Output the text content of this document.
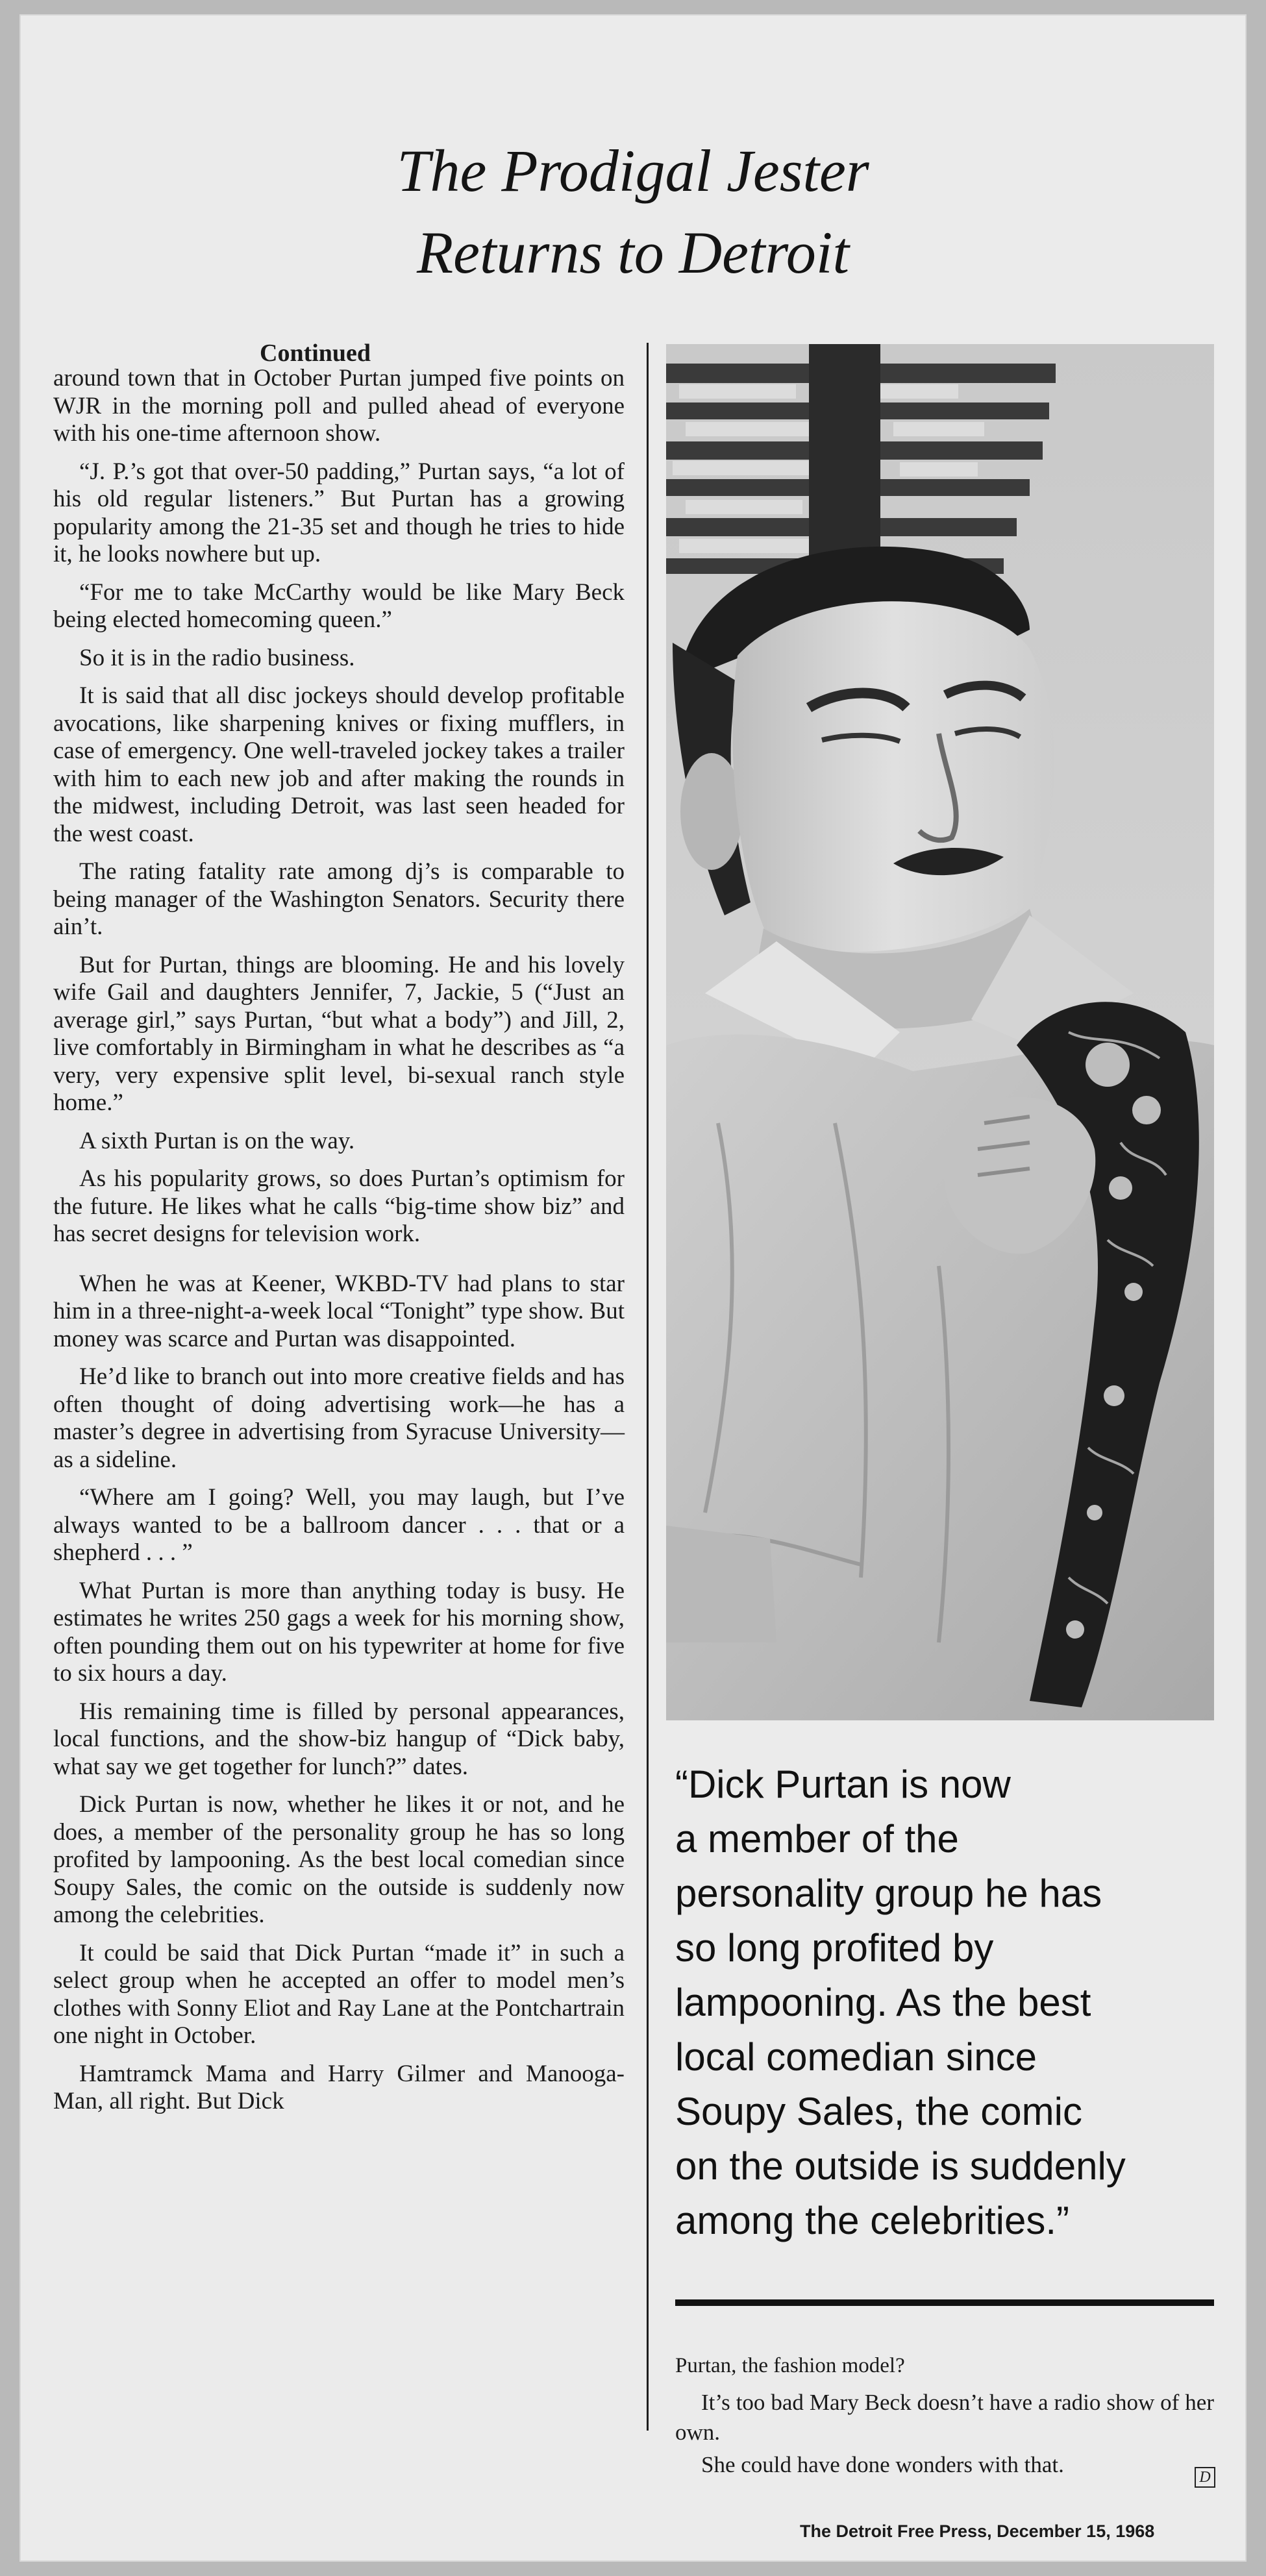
The Prodigal Jester
Returns to Detroit
Continued

around town that in October Purtan jumped five points on WJR in the morning poll and pulled ahead of everyone with his one-time afternoon show.

“J. P.’s got that over-50 padding,” Purtan says, “a lot of his old regular listeners.” But Purtan has a growing popularity among the 21-35 set and though he tries to hide it, he looks nowhere but up.

“For me to take McCarthy would be like Mary Beck being elected homecoming queen.”

So it is in the radio business.

It is said that all disc jockeys should develop profitable avocations, like sharpening knives or fixing mufflers, in case of emergency. One well-traveled jockey takes a trailer with him to each new job and after making the rounds in the midwest, including Detroit, was last seen headed for the west coast.

The rating fatality rate among dj’s is comparable to being manager of the Washington Senators. Security there ain’t.

But for Purtan, things are blooming. He and his lovely wife Gail and daughters Jennifer, 7, Jackie, 5 (“Just an average girl,” says Purtan, “but what a body”) and Jill, 2, live comfortably in Birmingham in what he describes as “a very, very expensive split level, bi-sexual ranch style home.”

A sixth Purtan is on the way.

As his popularity grows, so does Purtan’s optimism for the future. He likes what he calls “big-time show biz” and has secret designs for television work.

When he was at Keener, WKBD-TV had plans to star him in a three-night-a-week local “Tonight” type show. But money was scarce and Purtan was disappointed.

He’d like to branch out into more creative fields and has often thought of doing advertising work—he has a master’s degree in advertising from Syracuse University—as a sideline.

“Where am I going? Well, you may laugh, but I’ve always wanted to be a ballroom dancer . . . that or a shepherd . . . ”

What Purtan is more than anything today is busy. He estimates he writes 250 gags a week for his morning show, often pounding them out on his typewriter at home for five to six hours a day.

His remaining time is filled by personal appearances, local functions, and the show-biz hangup of “Dick baby, what say we get together for lunch?” dates.

Dick Purtan is now, whether he likes it or not, and he does, a member of the personality group he has so long profited by lampooning. As the best local comedian since Soupy Sales, the comic on the outside is suddenly now among the celebrities.

It could be said that Dick Purtan “made it” in such a select group when he accepted an offer to model men’s clothes with Sonny Eliot and Ray Lane at the Pontchartrain one night in October.

Hamtramck Mama and Harry Gilmer and Manooga-Man, all right. But Dick

“Dick Purtan is now
a member of the
personality group he has
so long profited by
lampooning. As the best
local comedian since
Soupy Sales, the comic
on the outside is suddenly
among the celebrities.”
Purtan, the fashion model?

It’s too bad Mary Beck doesn’t have a radio show of her own.

She could have done wonders with that.	D
The Detroit Free Press, December 15, 1968
